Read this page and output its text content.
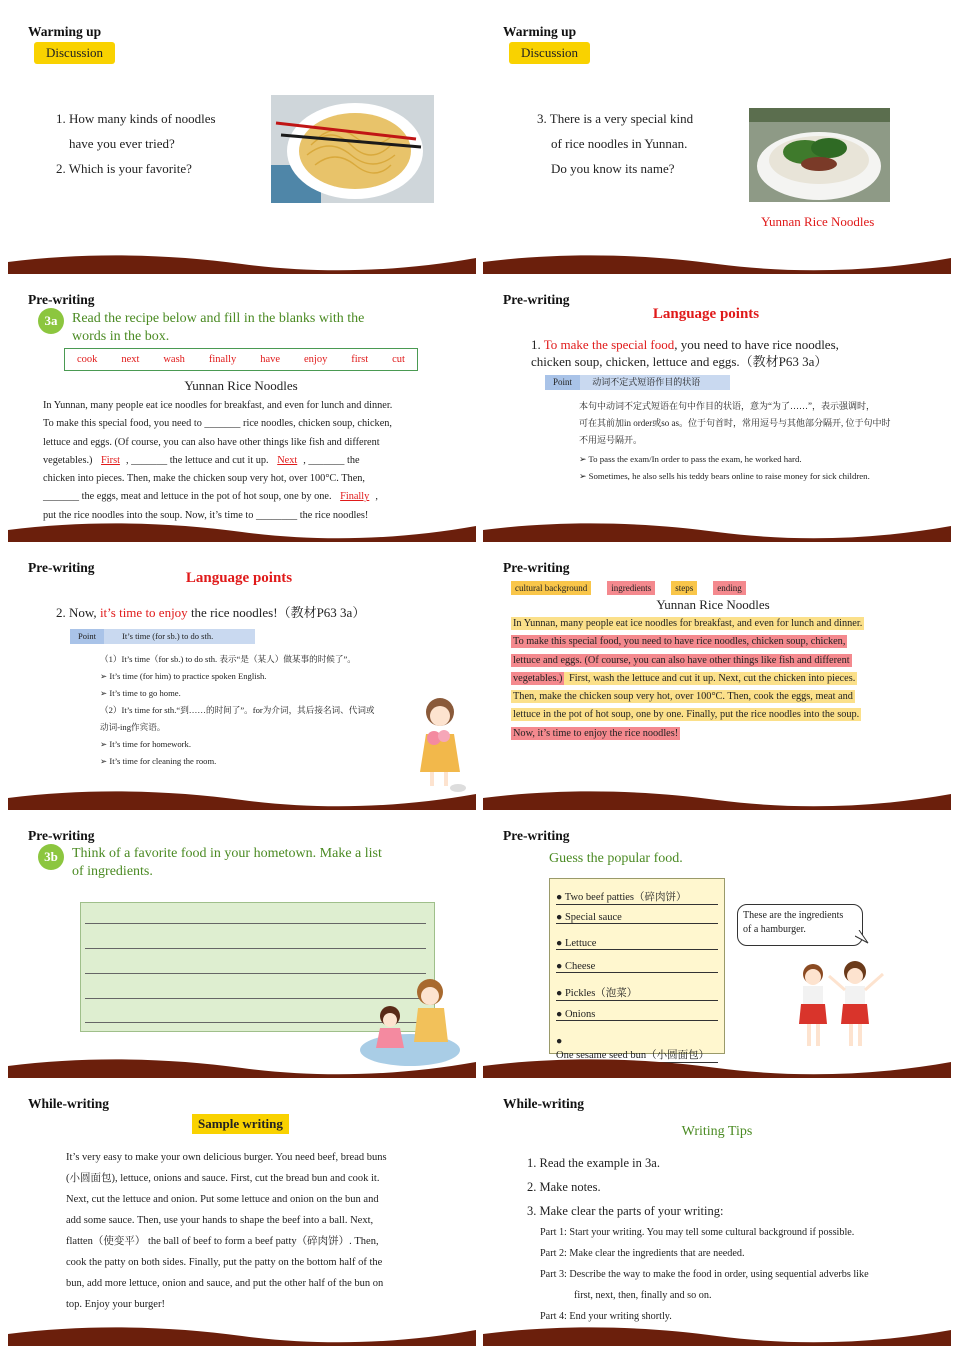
Warming up
Discussion
1. How many kinds of noodles
have you ever tried?
2. Which is your favorite?
Warming up
Discussion
3. There is a very special kind
of rice noodles in Yunnan.
Do you know its name?
Yunnan Rice Noodles
Pre-writing
3a	Read the recipe below and fill in the blanks with the
words in the box.
cook next wash finally have enjoy first cut
Yunnan Rice Noodles
In Yunnan, many people eat ice noodles for breakfast, and even for lunch and dinner.
To make this special food, you need to _______ rice noodles, chicken soup, chicken,
lettuce and eggs. (Of course, you can also have other things like fish and different
vegetables.) First , _______ the lettuce and cut it up. Next , _______ the
chicken into pieces. Then, make the chicken soup very hot, over 100°C. Then,
_______ the eggs, meat and lettuce in the pot of hot soup, one by one. Finally ,
put the rice noodles into the soup. Now, it’s time to ________ the rice noodles!
Pre-writing
Language points
1. To make the special food, you need to have rice noodles,
chicken soup, chicken, lettuce and eggs.（教材P63 3a）
Point 动词不定式短语作目的状语
本句中动词不定式短语在句中作目的状语，意为“为了……”，表示强调时，
可在其前加in order或so as。位于句首时，常用逗号与其他部分隔开, 位于句中时
不用逗号隔开。
➢ To pass the exam/In order to pass the exam, he worked hard.
➢ Sometimes, he also sells his teddy bears online to raise money for sick children.
Pre-writing
Language points
2. Now, it’s time to enjoy the rice noodles!（教材P63 3a）
Point	It’s time (for sb.) to do sth.
（1）It’s time（for sb.) to do sth. 表示“是（某人）做某事的时候了”。
➢ It’s time (for him) to practice spoken English.
➢ It’s time to go home.
（2）It’s time for sth.“到……的时间了”。for为介词，其后接名词、代词或
动词-ing作宾语。
➢ It’s time for homework.
➢ It’s time for cleaning the room.
Pre-writing
cultural background	ingredients	steps	ending
Yunnan Rice Noodles
In Yunnan, many people eat ice noodles for breakfast, and even for lunch and dinner.
To make this special food, you need to have rice noodles, chicken soup, chicken,
lettuce and eggs. (Of course, you can also have other things like fish and different
vegetables.) First, wash the lettuce and cut it up. Next, cut the chicken into pieces.
Then, make the chicken soup very hot, over 100°C. Then, cook the eggs, meat and
lettuce in the pot of hot soup, one by one. Finally, put the rice noodles into the soup.
Now, it’s time to enjoy the rice noodles!
Pre-writing
3b	Think of a favorite food in your hometown. Make a list
of ingredients.
Pre-writing
Guess the popular food.
● Two beef patties（碎肉饼）
● Special sauce
● Lettuce
● Cheese
● Pickles（泡菜）
● Onions
● One sesame seed bun（小圆面包）
These are the ingredients
of a hamburger.
While-writing
Sample writing
It’s very easy to make your own delicious burger. You need beef, bread buns
(小圆面包), lettuce, onions and sauce. First, cut the bread bun and cook it.
Next, cut the lettuce and onion. Put some lettuce and onion on the bun and
add some sauce. Then, use your hands to shape the beef into a ball. Next,
flatten（使变平） the ball of beef to form a beef patty（碎肉饼）. Then,
cook the patty on both sides. Finally, put the patty on the bottom half of the
bun, add more lettuce, onion and sauce, and put the other half of the bun on
top. Enjoy your burger!
While-writing
Writing Tips
1. Read the example in 3a.
2. Make notes.
3. Make clear the parts of your writing:
Part 1: Start your writing. You may tell some cultural background if possible.
Part 2: Make clear the ingredients that are needed.
Part 3: Describe the way to make the food in order, using sequential adverbs like
first, next, then, finally and so on.
Part 4: End your writing shortly.
